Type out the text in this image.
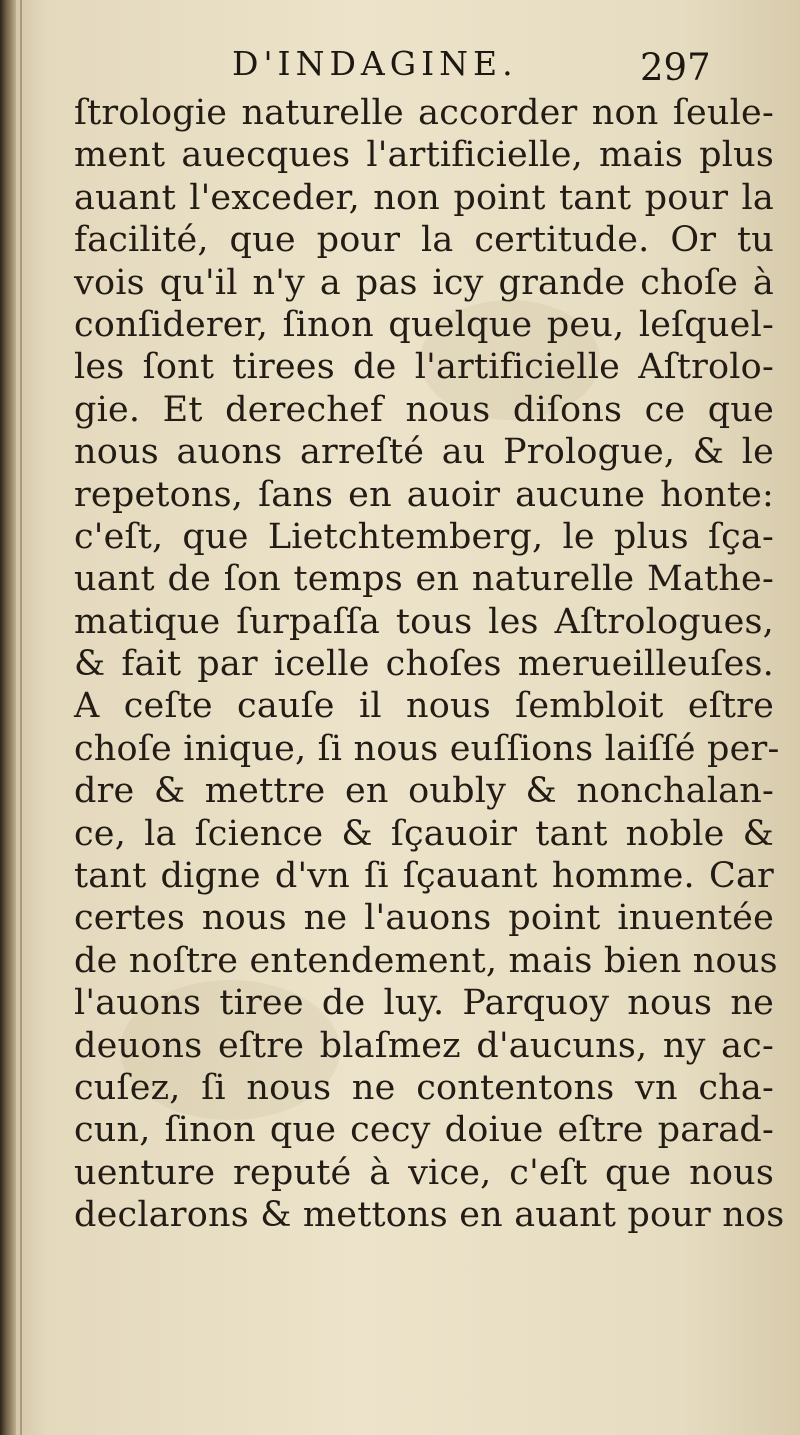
D'INDAGINE.	297
ſtrologie naturelle accorder non ſeule-
ment auecques l'artificielle, mais plus
auant l'exceder, non point tant pour la
facilité, que pour la certitude. Or tu
vois qu'il n'y a pas icy grande choſe à
conſiderer, ſinon quelque peu, leſquel-
les ſont tirees de l'artificielle Aſtrolo-
gie. Et derechef nous diſons ce que
nous auons arreſté au Prologue, & le
repetons, ſans en auoir aucune honte:
c'eſt, que Lietchtemberg, le plus ſça-
uant de ſon temps en naturelle Mathe-
matique ſurpaſſa tous les Aſtrologues,
& fait par icelle choſes merueilleuſes.
A ceſte cauſe il nous ſembloit eſtre
choſe inique, ſi nous euſſions laiſſé per-
dre & mettre en oubly & nonchalan-
ce, la ſcience & ſçauoir tant noble &
tant digne d'vn ſi ſçauant homme. Car
certes nous ne l'auons point inuentée
de noſtre entendement, mais bien nous
l'auons tiree de luy. Parquoy nous ne
deuons eſtre blaſmez d'aucuns, ny ac-
cuſez, ſi nous ne contentons vn cha-
cun, ſinon que cecy doiue eſtre parad-
uenture reputé à vice, c'eſt que nous
declarons & mettons en auant pour nos
